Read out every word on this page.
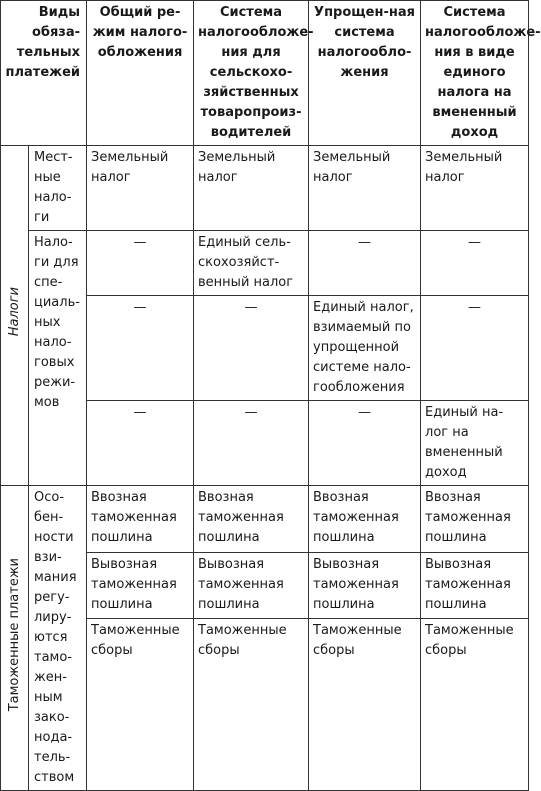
Виды обяза-тельных платежей		Общий ре-жим налого-обложения	Система налогообложе-ния для сельскохо-зяйственных товаропроиз-водителей	Упрощен-ная система налогообло-жения	Система налогообложе-ния в виде единого налога на вмененный доход
Налоги	Мест-ные нало-ги	Земельный налог	Земельный налог	Земельный налог	Земельный налог
	Нало-ги для спе-циаль-ных нало-говых режи-мов	—	Единый сель-скохозяйст-венный налог	—	—
		—	—	Единый налог, взимаемый по упрощенной системе нало-гообложения	—
		—	—	—	Единый на-лог на вмененный доход

Таможенные платежи	Осо-бен-ности взи-мания регу-лиру-ются тамо-жен-ным зако-нода-тель-ством	Ввозная таможенная пошлина	Ввозная таможенная пошлина	Ввозная таможенная пошлина	Ввозная таможенная пошлина
		Вывозная таможенная пошлина	Вывозная таможенная пошлина	Вывозная таможенная пошлина	Вывозная таможенная пошлина
		Таможенные сборы	Таможенные сборы	Таможенные сборы	Таможенные сборы
